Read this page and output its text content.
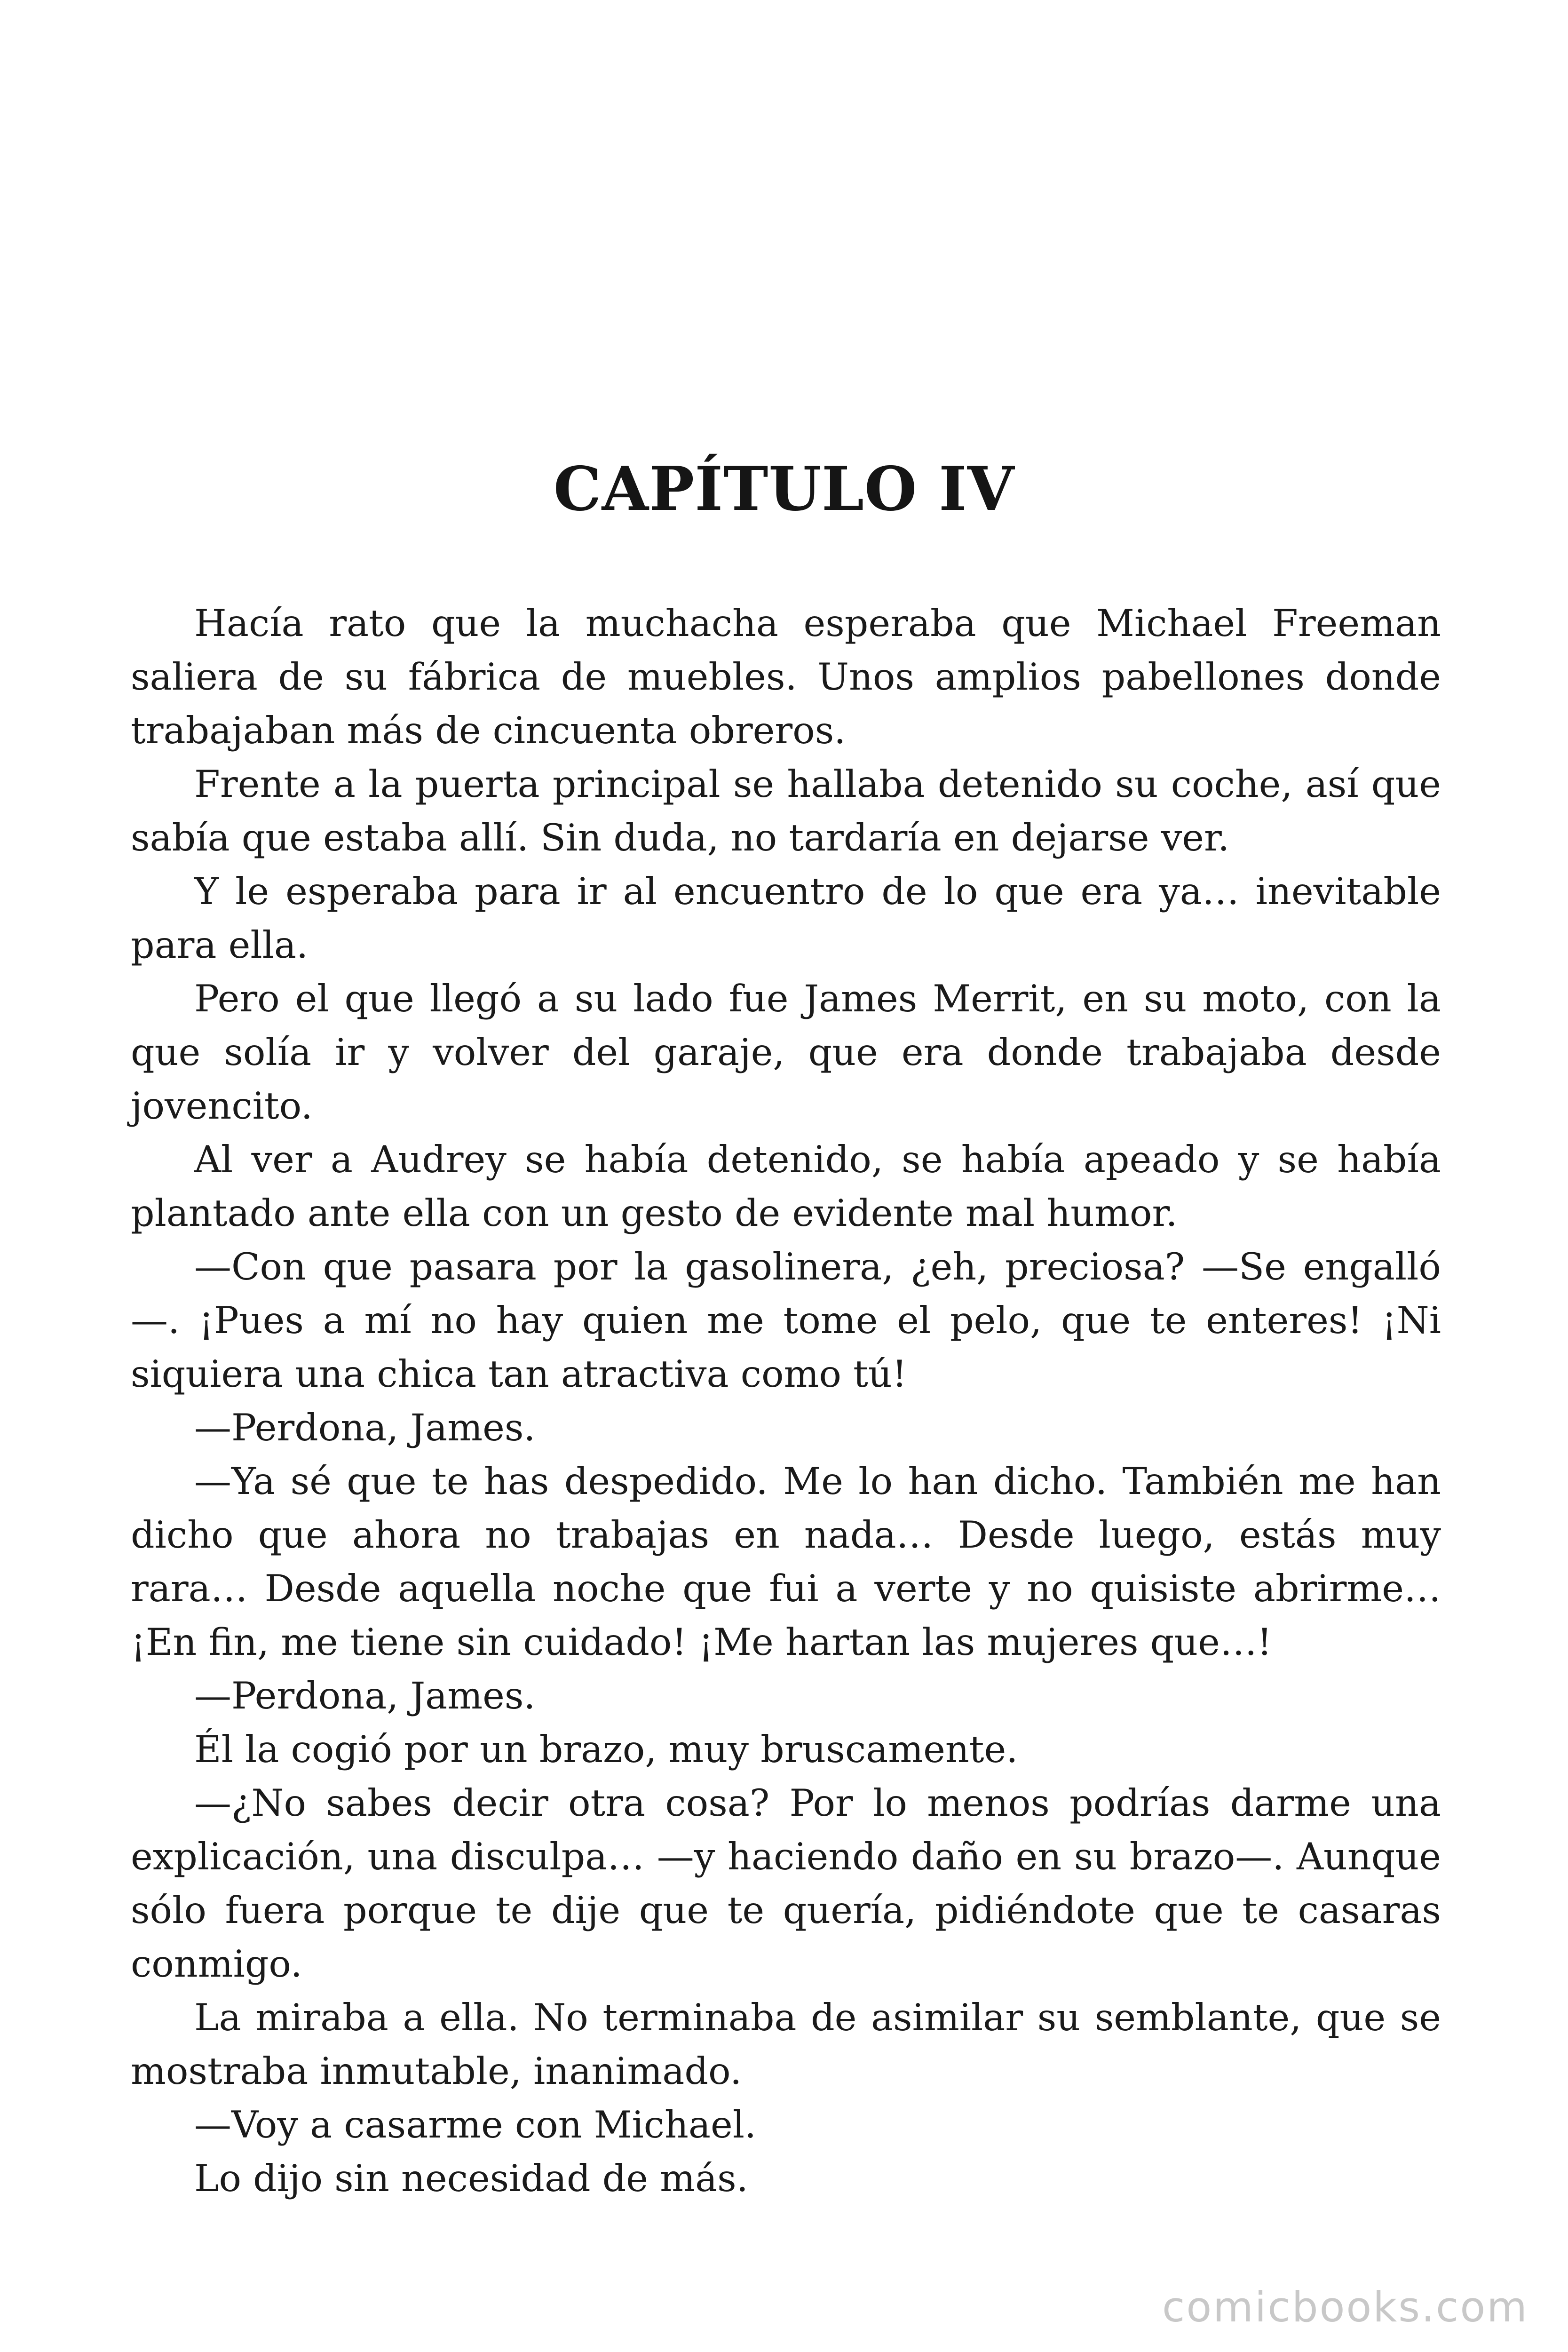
CAPÍTULO IV

Hacía rato que la muchacha esperaba que Michael Freeman saliera de su fábrica de muebles. Unos amplios pabellones donde trabajaban más de cincuenta obreros.

Frente a la puerta principal se hallaba detenido su coche, así que sabía que estaba allí. Sin duda, no tardaría en dejarse ver.

Y le esperaba para ir al encuentro de lo que era ya… inevitable para ella.

Pero el que llegó a su lado fue James Merrit, en su moto, con la que solía ir y volver del garaje, que era donde trabajaba desde jovencito.

Al ver a Audrey se había detenido, se había apeado y se había plantado ante ella con un gesto de evidente mal humor.

—Con que pasara por la gasolinera, ¿eh, preciosa? —Se engalló —. ¡Pues a mí no hay quien me tome el pelo, que te enteres! ¡Ni siquiera una chica tan atractiva como tú!

—Perdona, James.

—Ya sé que te has despedido. Me lo han dicho. También me han dicho que ahora no trabajas en nada… Desde luego, estás muy rara… Desde aquella noche que fui a verte y no quisiste abrirme… ¡En fin, me tiene sin cuidado! ¡Me hartan las mujeres que…!

—Perdona, James.

Él la cogió por un brazo, muy bruscamente.

—¿No sabes decir otra cosa? Por lo menos podrías darme una explicación, una disculpa… —y haciendo daño en su brazo—. Aunque sólo fuera porque te dije que te quería, pidiéndote que te casaras conmigo.

La miraba a ella. No terminaba de asimilar su semblante, que se mostraba inmutable, inanimado.

—Voy a casarme con Michael.

Lo dijo sin necesidad de más.

comicbooks.com
